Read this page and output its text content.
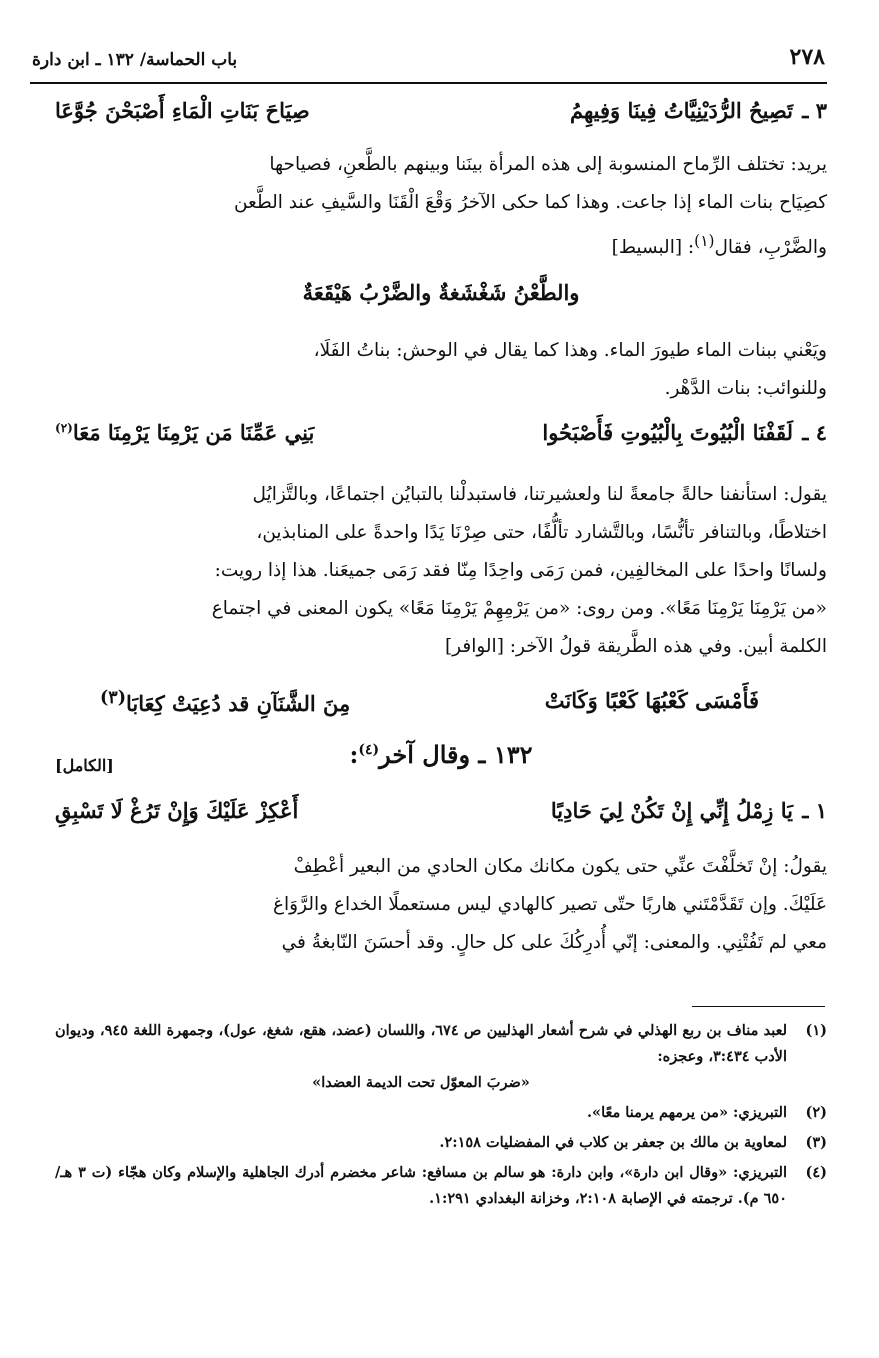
٢٧٨
باب الحماسة/ ١٣٢ ـ ابن دارة
٣ ـ
تَصِيحُ الرُّدَيْنِيَّاتُ فِينَا وَفِيهِمُ
صِيَاحَ بَنَاتِ الْمَاءِ أَصْبَحْنَ جُوَّعَا

يريد: تختلف الرِّماح المنسوبة إلى هذه المرأة بينَنا وبينهم بالطَّعنِ، فصياحها

كصِيَاح بنات الماء إذا جاعت. وهذا كما حكى الآخرُ وَقْعَ الْقَنَا والسَّيفِ عند الطَّعن

والضَّرْبِ، فقال$^{(١)}$: [البسيط]

والطَّعْنُ شَغْشَغةٌ والضَّرْبُ هَيْقَعَةٌ

ويَعْني ببنات الماء طيورَ الماء. وهذا كما يقال في الوحش: بناتُ الفَلَا،

وللنوائب: بنات الدَّهْر.

٤ ـ
لَقَفْنَا الْبُيُوتَ بِالْبُيُوتِ فَأَصْبَحُوا
بَنِي عَمِّنَا مَن يَرْمِنَا يَرْمِنَا مَعَا$^{(٢)}$

يقول: استأنفنا حالةً جامعةً لنا ولعشيرتنا، فاستبدلْنا بالتبايُن اجتماعًا، وبالتَّزايُل

اختلاطًا، وبالتنافر تأنُّسًا، وبالتَّشارد تألُّفًا، حتى صِرْنَا يَدًا واحدةً على المنابذين،

ولسانًا واحدًا على المخالفِين، فمن رَمَى واحِدًا مِنّا فقد رَمَى جميعَنا. هذا إذا رويت:

«من يَرْمِنَا يَرْمِنَا مَعًا». ومن روى: «من يَرْمِهِمْ يَرْمِنَا مَعًا» يكون المعنى في اجتماع

الكلمة أبين. وفي هذه الطَّريقة قولُ الآخر: [الوافر]

فَأَمْسَى كَعْبُهَا كَعْبًا وَكَانَتْ
مِنَ الشَّنَآنِ قد دُعِيَتْ كِعَابَا$^{(٣)}$
١٣٢ ـ وقال آخر$^{(٤)}$:
[الكامل]
١ ـ
يَا زِمْلُ إِنِّي إِنْ تَكُنْ لِيَ حَادِيًا
أَعْكِزْ عَلَيْكَ وَإِنْ تَرُغْ لَا تَسْبِقِ

يقولُ: إنْ تَخلَّفْتَ عنِّي حتى يكون مكانك مكان الحادي من البعير أعْطِفْ

عَلَيْكَ. وإن تَقَدَّمْتَني هاربًا حتّى تصير كالهادي ليس مستعملًا الخداع والرَّوَاغ

معي لم تَفُتْنِي. والمعنى: إنّي أُدرِكُكَ على كل حالٍ. وقد أحسَنَ النّابغةُ في

(١)
لعبد مناف بن ربع الهذلي في شرح أشعار الهذليين ص ٦٧٤، واللسان (عضد، هقع، شغغ، عول)، وجمهرة اللغة ٩٤٥، وديوان الأدب ٣:٤٣٤، وعجزه:
«ضربَ المعوّل تحت الديمة العضدا»
(٢)
التبريزي: «من يرمهم يرمنا معًا».
(٣)
لمعاوية بن مالك بن جعفر بن كلاب في المفضليات ٢:١٥٨.
(٤)
التبريزي: «وقال ابن دارة»، وابن دارة: هو سالم بن مسافع: شاعر مخضرم أدرك الجاهلية والإسلام وكان هجّاء (ت ٣ هـ/ ٦٥٠ م). ترجمته في الإصابة ٢:١٠٨، وخزانة البغدادي ١:٢٩١.
